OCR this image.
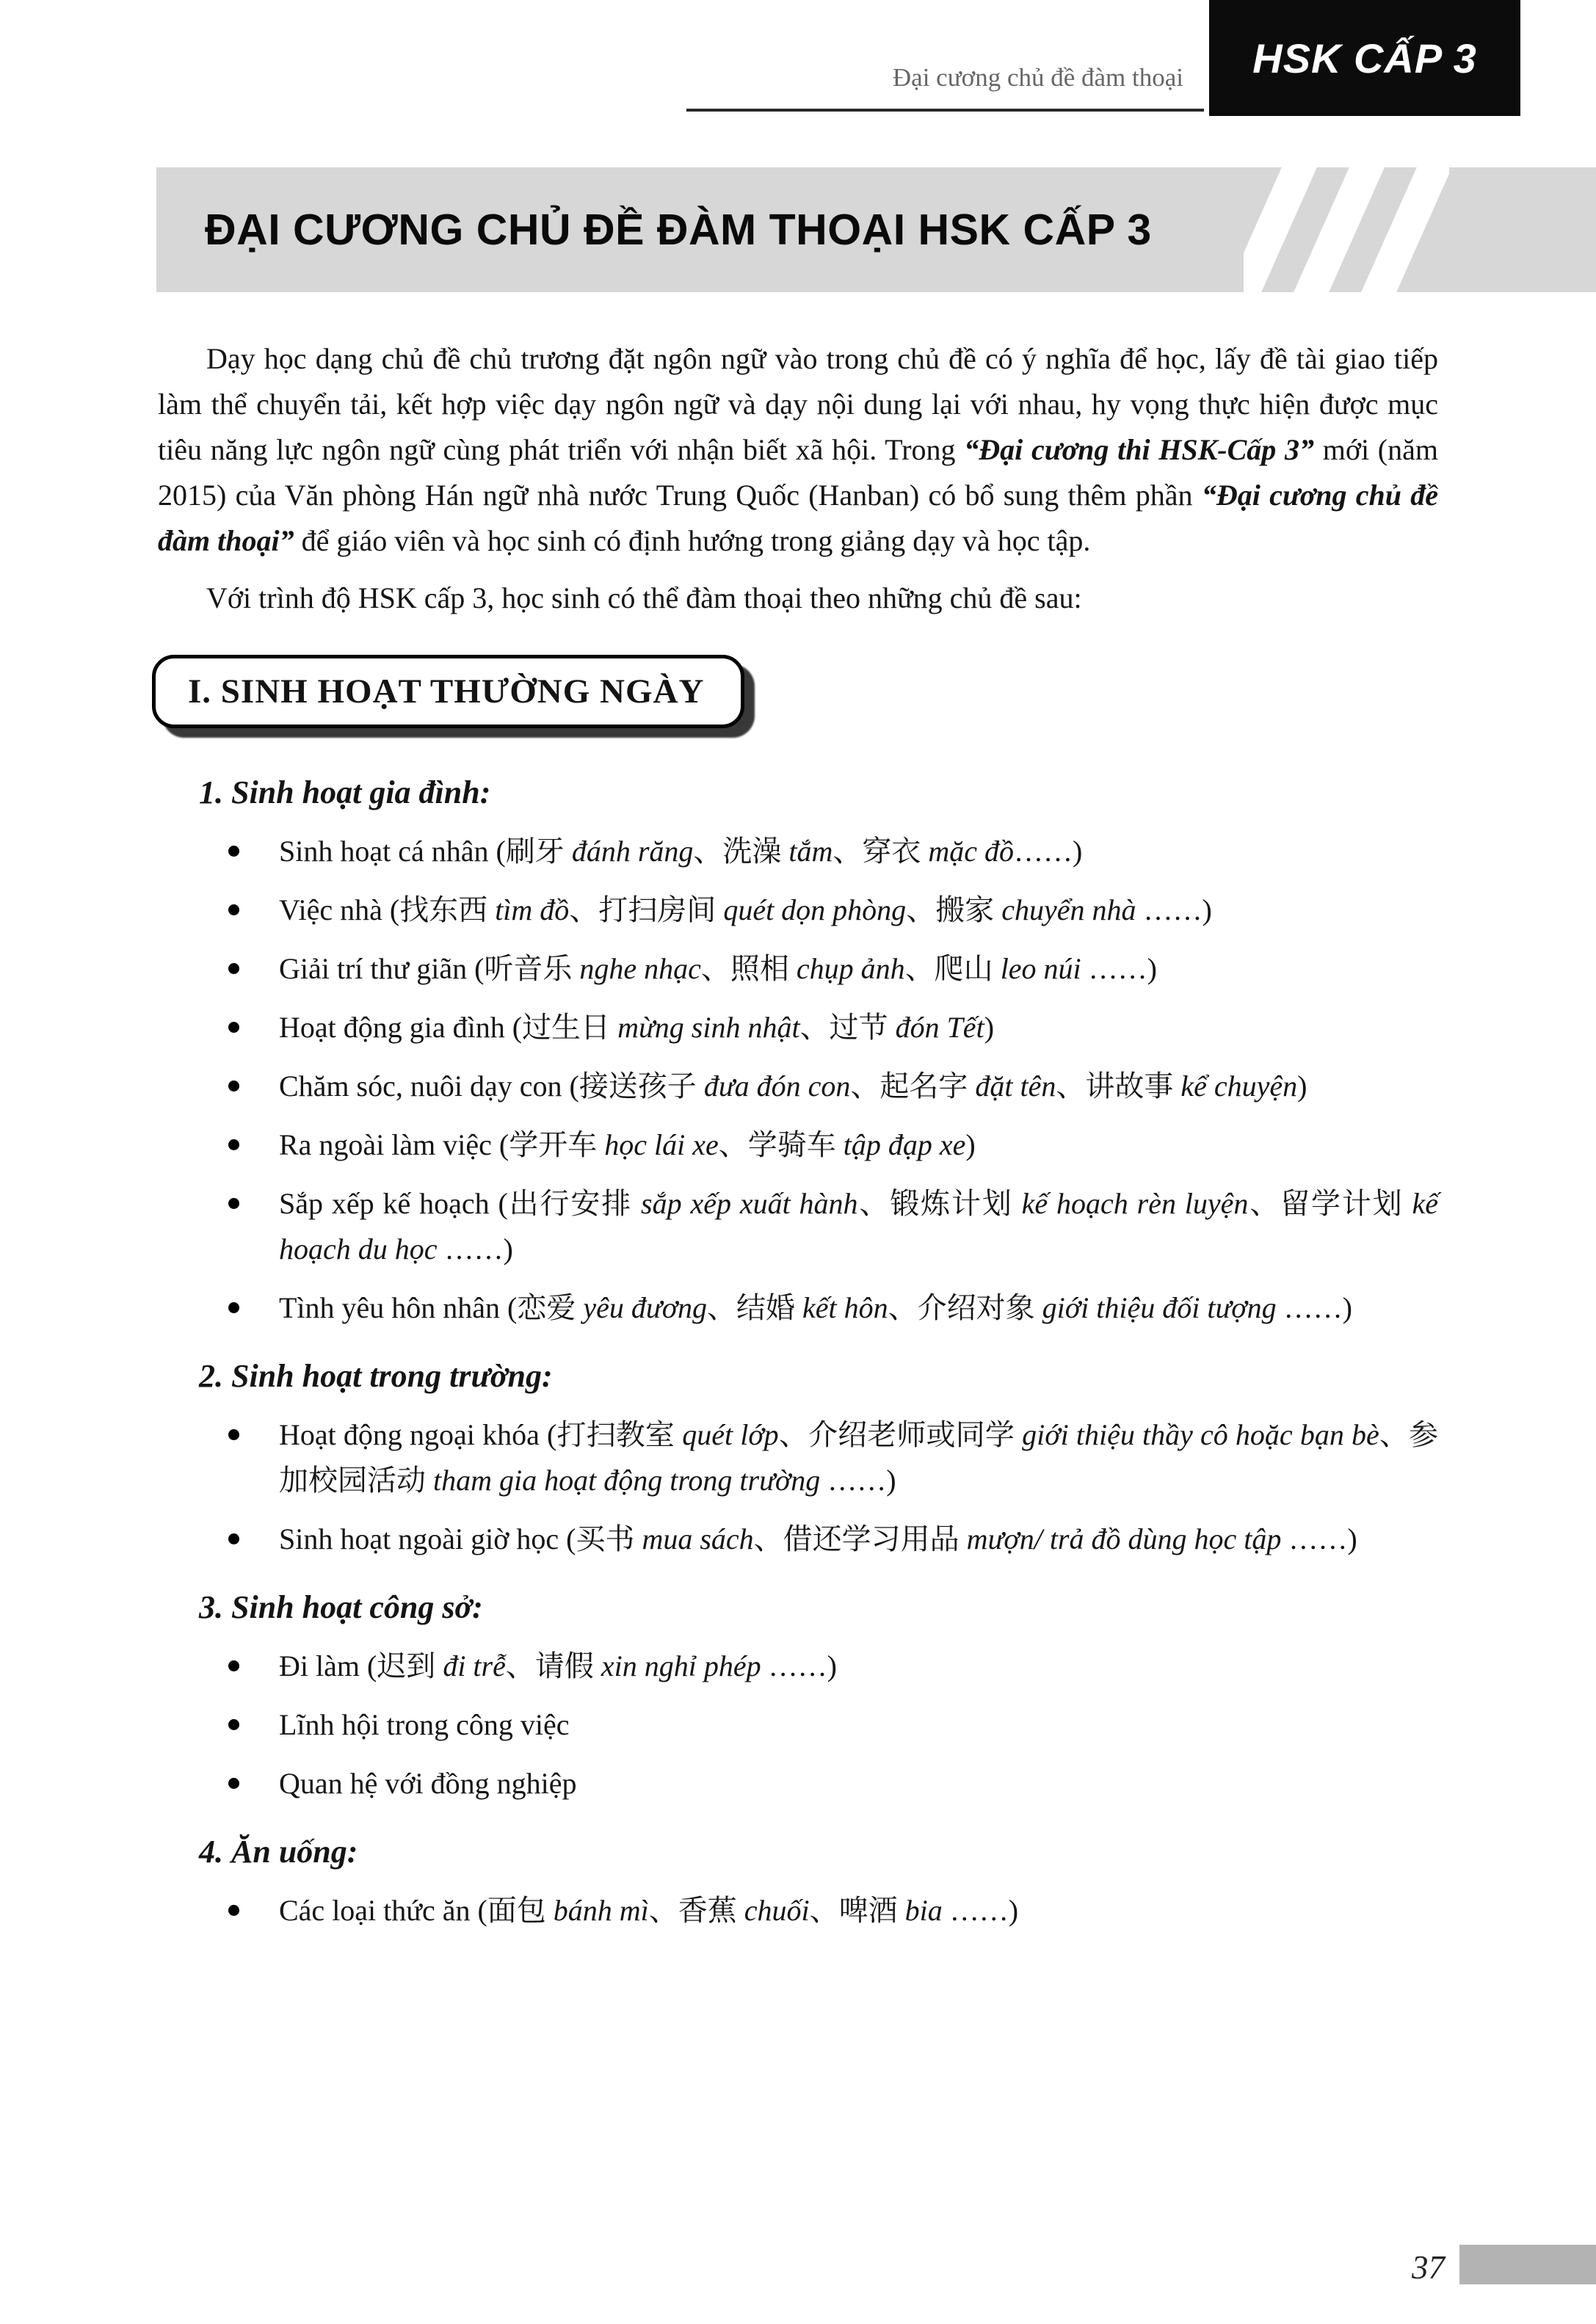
Đại cương chủ đề đàm thoại HSK CẤP 3
ĐẠI CƯƠNG CHỦ ĐỀ ĐÀM THOẠI HSK CẤP 3

Dạy học dạng chủ đề chủ trương đặt ngôn ngữ vào trong chủ đề có ý nghĩa để học, lấy đề tài giao tiếp làm thể chuyển tải, kết hợp việc dạy ngôn ngữ và dạy nội dung lại với nhau, hy vọng thực hiện được mục tiêu năng lực ngôn ngữ cùng phát triển với nhận biết xã hội. Trong “Đại cương thi HSK-Cấp 3” mới (năm 2015) của Văn phòng Hán ngữ nhà nước Trung Quốc (Hanban) có bổ sung thêm phần “Đại cương chủ đề đàm thoại” để giáo viên và học sinh có định hướng trong giảng dạy và học tập.

Với trình độ HSK cấp 3, học sinh có thể đàm thoại theo những chủ đề sau:

I. SINH HOẠT THƯỜNG NGÀY
1. Sinh hoạt gia đình:
Sinh hoạt cá nhân (刷牙 đánh răng、洗澡 tắm、穿衣 mặc đồ……)
Việc nhà (找东西 tìm đồ、打扫房间 quét dọn phòng、搬家 chuyển nhà ……)
Giải trí thư giãn (听音乐 nghe nhạc、照相 chụp ảnh、爬山 leo núi ……)
Hoạt động gia đình (过生日 mừng sinh nhật、过节 đón Tết)
Chăm sóc, nuôi dạy con (接送孩子 đưa đón con、起名字 đặt tên、讲故事 kể chuyện)
Ra ngoài làm việc (学开车 học lái xe、学骑车 tập đạp xe)
Sắp xếp kế hoạch (出行安排 sắp xếp xuất hành、锻炼计划 kế hoạch rèn luyện、留学计划 kế hoạch du học ……)
Tình yêu hôn nhân (恋爱 yêu đương、结婚 kết hôn、介绍对象 giới thiệu đối tượng ……)
2. Sinh hoạt trong trường:
Hoạt động ngoại khóa (打扫教室 quét lớp、介绍老师或同学 giới thiệu thầy cô hoặc bạn bè、参加校园活动 tham gia hoạt động trong trường ……)
Sinh hoạt ngoài giờ học (买书 mua sách、借还学习用品 mượn/ trả đồ dùng học tập ……)
3. Sinh hoạt công sở:
Đi làm (迟到 đi trễ、请假 xin nghỉ phép ……)
Lĩnh hội trong công việc
Quan hệ với đồng nghiệp
4. Ăn uống:
Các loại thức ăn (面包 bánh mì、香蕉 chuối、啤酒 bia ……)
37
